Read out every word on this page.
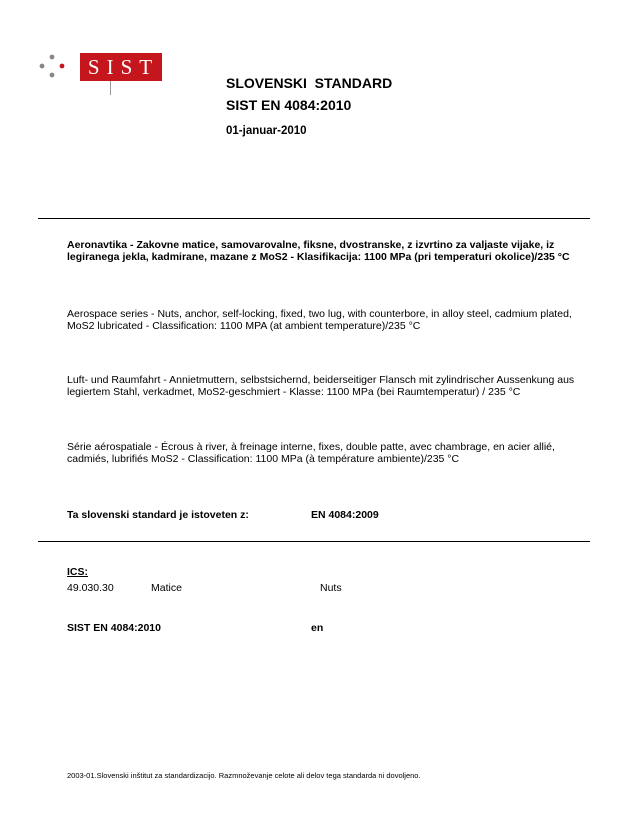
SIST
SLOVENSKI  STANDARD
SIST EN 4084:2010
01-januar-2010
Aeronavtika - Zakovne matice, samovarovalne, fiksne, dvostranske, z izvrtino za valjaste vijake, iz legiranega jekla, kadmirane, mazane z MoS2 - Klasifikacija: 1100 MPa (pri temperaturi okolice)/235 °C
Aerospace series - Nuts, anchor, self-locking, fixed, two lug, with counterbore, in alloy steel, cadmium plated, MoS2 lubricated - Classification: 1100 MPA (at ambient temperature)/235 °C
Luft- und Raumfahrt - Annietmuttern, selbstsichernd, beiderseitiger Flansch mit zylindrischer Aussenkung aus legiertem Stahl, verkadmet, MoS2-geschmiert - Klasse: 1100 MPa (bei Raumtemperatur) / 235 °C
Série aérospatiale - Écrous à river, à freinage interne, fixes, double patte, avec chambrage, en acier allié, cadmiés, lubrifiés MoS2 - Classification: 1100 MPa (à température ambiente)/235 °C
Ta slovenski standard je istoveten z:	EN 4084:2009
ICS:
49.030.30	Matice	Nuts
SIST EN 4084:2010	en
2003-01.Slovenski inštitut za standardizacijo. Razmnoževanje celote ali delov tega standarda ni dovoljeno.
